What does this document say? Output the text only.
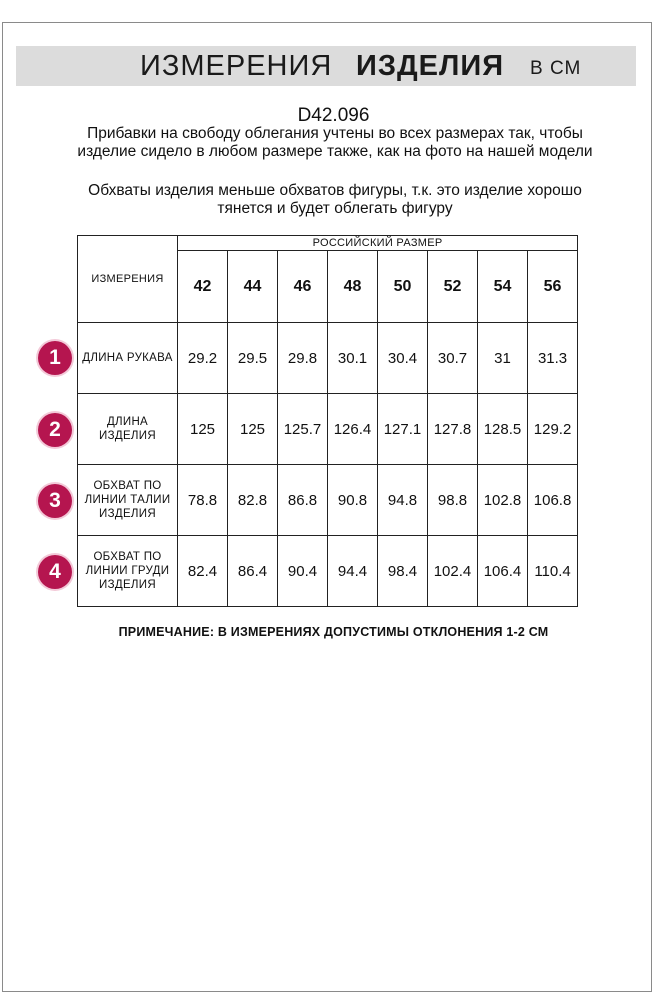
ИЗМЕРЕНИЯ ИЗДЕЛИЯ В СМ
D42.096
Прибавки на свободу облегания учтены во всех размерах так, чтобы изделие сидело в любом размере также, как на фото на нашей модели
Обхваты изделия меньше обхватов фигуры, т.к. это изделие хорошо тянется и будет облегать фигуру
ИЗМЕРЕНИЯ	РОССИЙСКИЙ РАЗМЕР							
	42	44	46	48	50	52	54	56
ДЛИНА РУКАВА	29.2	29.5	29.8	30.1	30.4	30.7	31	31.3
ДЛИНА ИЗДЕЛИЯ	125	125	125.7	126.4	127.1	127.8	128.5	129.2
ОБХВАТ ПО ЛИНИИ ТАЛИИ ИЗДЕЛИЯ	78.8	82.8	86.8	90.8	94.8	98.8	102.8	106.8
ОБХВАТ ПО ЛИНИИ ГРУДИ ИЗДЕЛИЯ	82.4	86.4	90.4	94.4	98.4	102.4	106.4	110.4
1
2
3
4
ПРИМЕЧАНИЕ: В ИЗМЕРЕНИЯХ ДОПУСТИМЫ ОТКЛОНЕНИЯ 1-2 СМ
